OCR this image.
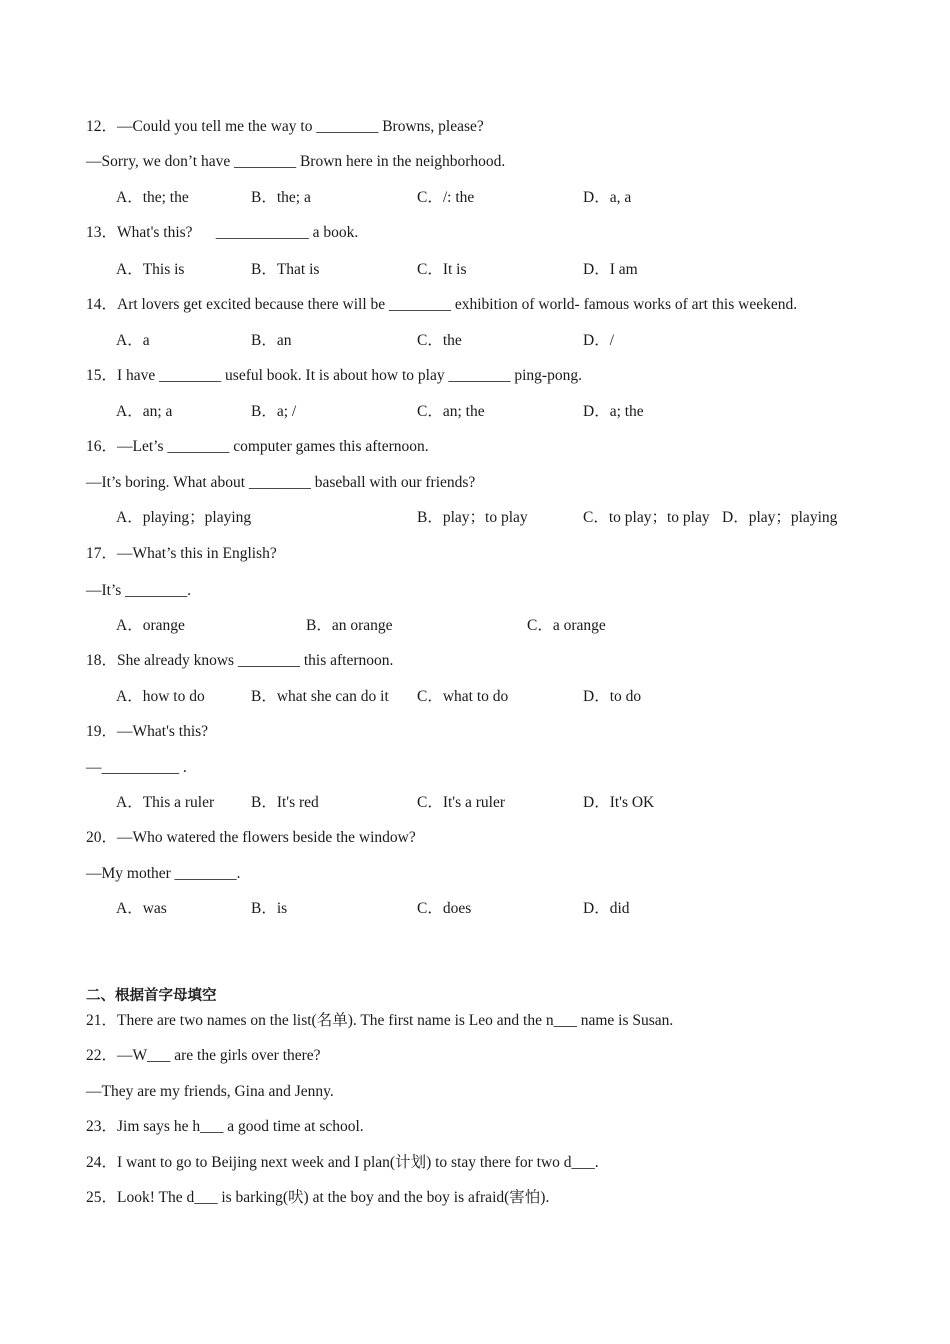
12．—Could you tell me the way to ________ Browns, please?
—Sorry, we don’t have ________ Brown here in the neighborhood.
A．the; the	B．the; a	C．/: the	D．a, a
13．What's this?      ____________ a book.
A．This is	B．That is	C．It is	D．I am
14．Art lovers get excited because there will be ________ exhibition of world- famous works of art this weekend.
A．a	B．an	C．the	D．/
15．I have ________ useful book. It is about how to play ________ ping-pong.
A．an; a	B．a; /	C．an; the	D．a; the
16．—Let’s ________ computer games this afternoon.
—It’s boring. What about ________ baseball with our friends?
A．playing；playing	B．play；to play	C．to play；to play D．play；playing
17．—What’s this in English?
—It’s ________.
A．orange	B．an orange	C．a orange
18．She already knows ________ this afternoon.
A．how to do	B．what she can do it C．what to do	D．to do
19．—What's this?
—__________ .
A．This a ruler B．It's red	C．It's a ruler	D．It's OK
20．—Who watered the flowers beside the window?
—My mother ________.
A．was	B．is	C．does	D．did
二、根据首字母填空
21．There are two names on the list(名单). The first name is Leo and the n___ name is Susan.
22．—W___ are the girls over there?
—They are my friends, Gina and Jenny.
23．Jim says he h___ a good time at school.
24．I want to go to Beijing next week and I plan(计划) to stay there for two d___.
25．Look! The d___ is barking(吠) at the boy and the boy is afraid(害怕).
